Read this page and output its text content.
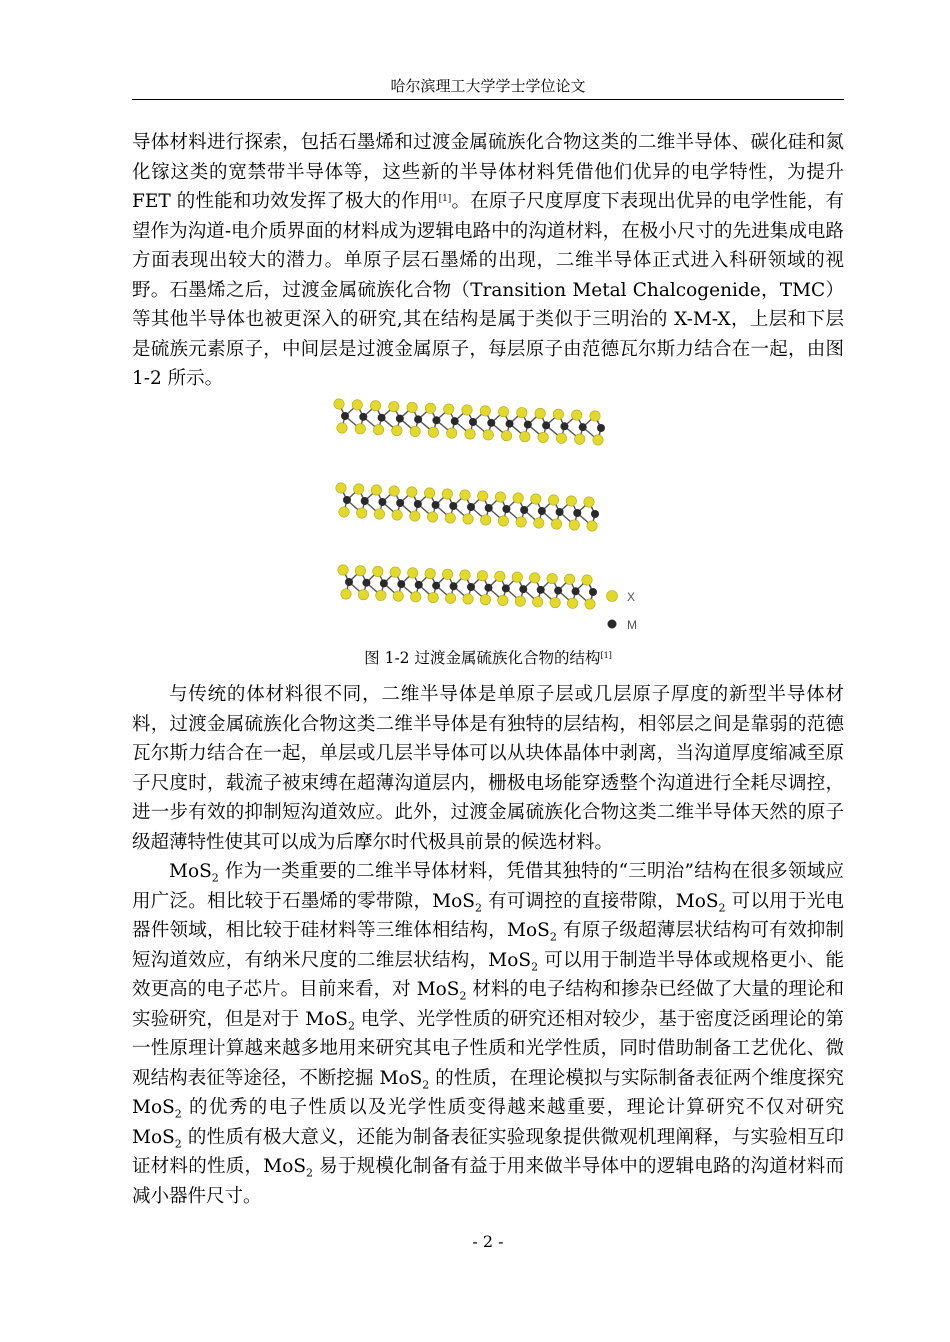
哈尔滨理工大学学士学位论文

导体材料进行探索，包括石墨烯和过渡金属硫族化合物这类的二维半导体、碳化硅和氮化镓这类的宽禁带半导体等，这些新的半导体材料凭借他们优异的电学特性，为提升 FET 的性能和功效发挥了极大的作用[1]。在原子尺度厚度下表现出优异的电学性能，有望作为沟道-电介质界面的材料成为逻辑电路中的沟道材料，在极小尺寸的先进集成电路方面表现出较大的潜力。单原子层石墨烯的出现，二维半导体正式进入科研领域的视野。石墨烯之后，过渡金属硫族化合物（Transition Metal Chalcogenide，TMC）等其他半导体也被更深入的研究,其在结构是属于类似于三明治的 X-M-X，上层和下层是硫族元素原子，中间层是过渡金属原子，每层原子由范德瓦尔斯力结合在一起，由图 1-2 所示。

X
M
图 1-2 过渡金属硫族化合物的结构[1]

与传统的体材料很不同，二维半导体是单原子层或几层原子厚度的新型半导体材料，过渡金属硫族化合物这类二维半导体是有独特的层结构，相邻层之间是靠弱的范德瓦尔斯力结合在一起，单层或几层半导体可以从块体晶体中剥离，当沟道厚度缩减至原子尺度时，载流子被束缚在超薄沟道层内，栅极电场能穿透整个沟道进行全耗尽调控，进一步有效的抑制短沟道效应。此外，过渡金属硫族化合物这类二维半导体天然的原子级超薄特性使其可以成为后摩尔时代极具前景的候选材料。

MoS$_2$ 作为一类重要的二维半导体材料，凭借其独特的“三明治”结构在很多领域应用广泛。相比较于石墨烯的零带隙，MoS$_2$ 有可调控的直接带隙，MoS$_2$ 可以用于光电器件领域，相比较于硅材料等三维体相结构，MoS$_2$ 有原子级超薄层状结构可有效抑制短沟道效应，有纳米尺度的二维层状结构，MoS$_2$ 可以用于制造半导体或规格更小、能效更高的电子芯片。目前来看，对 MoS$_2$ 材料的电子结构和掺杂已经做了大量的理论和实验研究，但是对于 MoS$_2$ 电学、光学性质的研究还相对较少，基于密度泛函理论的第一性原理计算越来越多地用来研究其电子性质和光学性质，同时借助制备工艺优化、微观结构表征等途径，不断挖掘 MoS$_2$ 的性质，在理论模拟与实际制备表征两个维度探究 MoS$_2$ 的优秀的电子性质以及光学性质变得越来越重要，理论计算研究不仅对研究 MoS$_2$ 的性质有极大意义，还能为制备表征实验现象提供微观机理阐释，与实验相互印证材料的性质，MoS$_2$ 易于规模化制备有益于用来做半导体中的逻辑电路的沟道材料而减小器件尺寸。

- 2 -
